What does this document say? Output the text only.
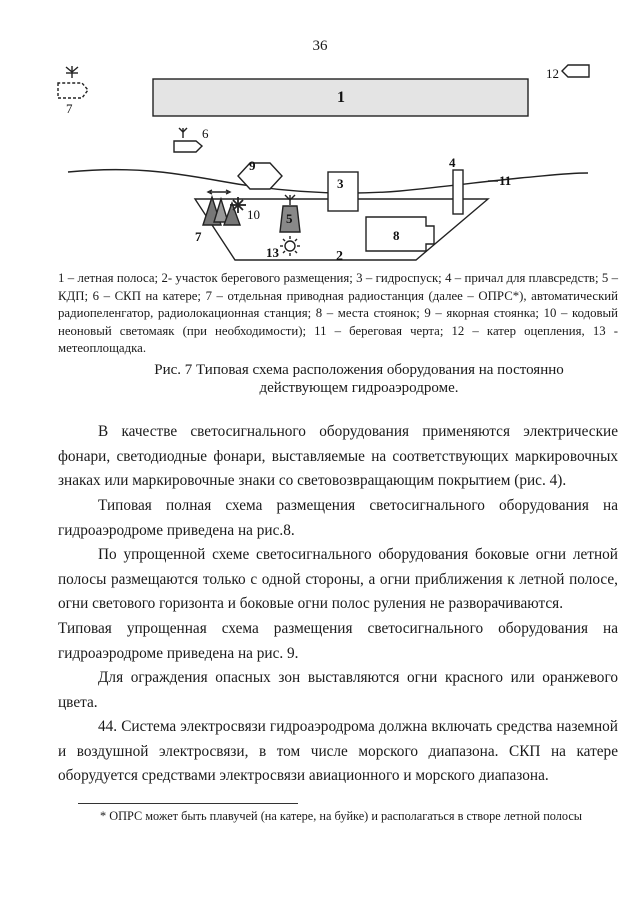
36
1
2
3
4
5
6
7
7	8
9
10
11
12
13
1 – летная полоса; 2- участок берегового размещения; 3 – гидроспуск; 4 – причал для плавсредств; 5 – КДП; 6 – СКП на катере; 7 – отдельная приводная радиостанция (далее – ОПРС*), автоматический радиопеленгатор, радиолокационная станция; 8 – места стоянок; 9 – якорная стоянка; 10 – кодовый неоновый светомаяк (при необходимости); 11 – береговая черта; 12 – катер оцепления, 13 - метеоплощадка.
Рис. 7 Типовая схема расположения оборудования на постоянно действующем гидроаэродроме.
В качестве светосигнального оборудования применяются электрические фонари, светодиодные фонари, выставляемые на соответствующих маркировочных знаках или маркировочные знаки со световозвращающим покрытием (рис. 4).
Типовая полная схема размещения светосигнального оборудования на гидроаэродроме приведена на рис.8.
По упрощенной схеме светосигнального оборудования боковые огни летной полосы размещаются только с одной стороны, а огни приближения к летной полосе, огни светового горизонта и боковые огни полос руления не разворачиваются.
Типовая упрощенная схема размещения светосигнального оборудования на гидроаэродроме приведена на рис. 9.
Для ограждения опасных зон выставляются огни красного или оранжевого цвета.
44. Система электросвязи гидроаэродрома должна включать средства наземной и воздушной электросвязи, в том числе морского диапазона. СКП на катере оборудуется средствами электросвязи авиационного и морского диапазона.
* ОПРС может быть плавучей (на катере, на буйке) и располагаться в створе летной полосы
